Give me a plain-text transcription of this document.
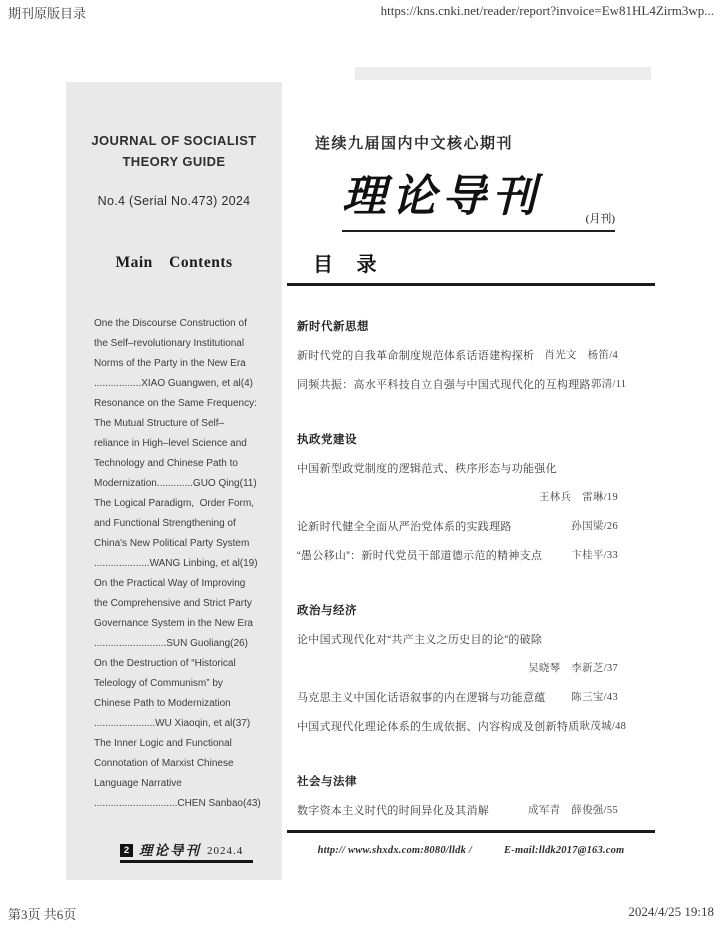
期刊原版目录	https://kns.cnki.net/reader/report?invoice=Ew81HL4Zirm3wp...
JOURNAL OF SOCIALIST
THEORY GUIDE
No.4 (Serial No.473) 2024
Main Contents
One the Discourse Construction of
the Self–revolutionary Institutional
Norms of the Party in the New Era
.................XIAO Guangwen, et al(4)
Resonance on the Same Frequency:
The Mutual Structure of Self–
reliance in High–level Science and
Technology and Chinese Path to
Modernization.............GUO Qing(11)
The Logical Paradigm,  Order Form,
and Functional Strengthening of
China's New Political Party System
....................WANG Linbing, et al(19)
On the Practical Way of Improving
the Comprehensive and Strict Party
Governance System in the New Era
..........................SUN Guoliang(26)
On the Destruction of “Historical
Teleology of Communism” by
Chinese Path to Modernization
......................WU Xiaoqin, et al(37)
The Inner Logic and Functional
Connotation of Marxist Chinese
Language Narrative
..............................CHEN Sanbao(43)
2 理论导刊 2024.4
连续九届国内中文核心期刊
理论导刊	(月刊)
目 录
新时代新思想
新时代党的自我革命制度规范体系话语建构探析 肖光文　杨笛/4
同频共振：高水平科技自立自强与中国式现代化的互构理路 郭清/11
执政党建设
中国新型政党制度的逻辑范式、秩序形态与功能强化
王林兵　雷琳/19
论新时代健全全面从严治党体系的实践理路	孙国梁/26
“愚公移山”：新时代党员干部道德示范的精神支点	卞桂平/33
政治与经济
论中国式现代化对“共产主义之历史目的论”的破除
吴晓琴　李新芝/37
马克思主义中国化话语叙事的内在逻辑与功能意蕴 陈三宝/43
中国式现代化理论体系的生成依据、内容构成及创新特质 耿茂城/48
社会与法律
数字资本主义时代的时间异化及其消解	成军青　薛俊强/55
http:// www.shxdx.com:8080/lldk /　　　E-mail:lldk2017@163.com
第3页 共6页	2024/4/25 19:18
